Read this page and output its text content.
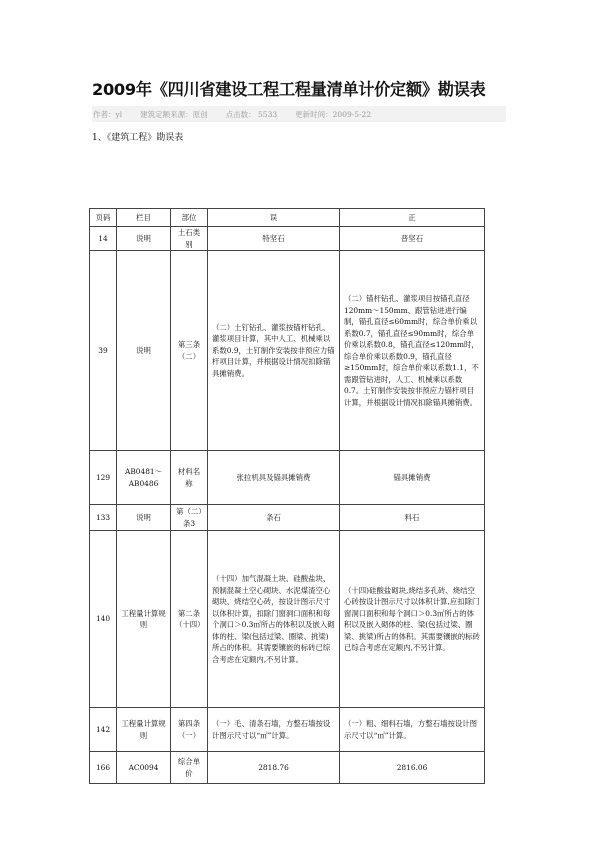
2009年《四川省建设工程工程量清单计价定额》勘误表
作者：yl 建筑定额来源：原创 点击数： 5533 更新时间：2009-5-22
1、《建筑工程》勘误表
页码	栏目	部位	误	正
14	说明	土石类别	特坚石	普坚石
39	说明	第三条（二）	（二）土钉钻孔、灌浆按锚杆钻孔、灌浆项目计算，其中人工、机械乘以系数0.9，土钉制作安装按非预应力锚杆项目计算，并根据设计情况扣除锚具摊销费。	（二）锚杆钻孔、灌浆项目按锚孔直径120mm～150mm、跟管钻进进行编制，锚孔直径≤60mm时，综合单价乘以系数0.7，锚孔直径≤90mm时，综合单价乘以系数0.8，锚孔直径≤120mm时，综合单价乘以系数0.9，锚孔直径≥150mm时，综合单价乘以系数1.1，不需跟管钻进时，人工、机械乘以系数0.7。土钉制作安装按非预应力锚杆项目计算，并根据设计情况扣除锚具摊销费。
129	AB0481～AB0486	材料名称	张拉机具及锚具摊销费	锚具摊销费
133	说明	第（二）条3	条石	料石
140	工程量计算规则	第二条（十四）	（十四）加气混凝土块、硅酸盐块、预制混凝土空心砌块、水泥煤渣空心砌块、烧结空心砖，按设计图示尺寸以体积计算，扣除门窗洞口面积和每个洞口＞0.3㎡所占的体积以及嵌入砌体的柱、梁(包括过梁、圈梁、挑梁)所占的体积。其需要镶嵌的标砖已综合考虑在定额内,不另计算。	（十四)硅酸盐砌块,烧结多孔砖、烧结空心砖按设计图示尺寸以体积计算,应扣除门窗洞口面积和每个洞口＞0.3㎡所占的体积以及嵌入砌体的柱、梁(包括过梁、圈梁、挑梁)所占的体积。其需要镶嵌的标砖已综合考虑在定额内,不另计算。
142	工程量计算规则	第四条（一）	（一）毛、清条石墙，方整石墙按设计图示尺寸以“㎡”计算。	（一）粗、细料石墙，方整石墙按设计图示尺寸以“㎡”计算。
166	AC0094	综合单价	2818.76	2816.06
